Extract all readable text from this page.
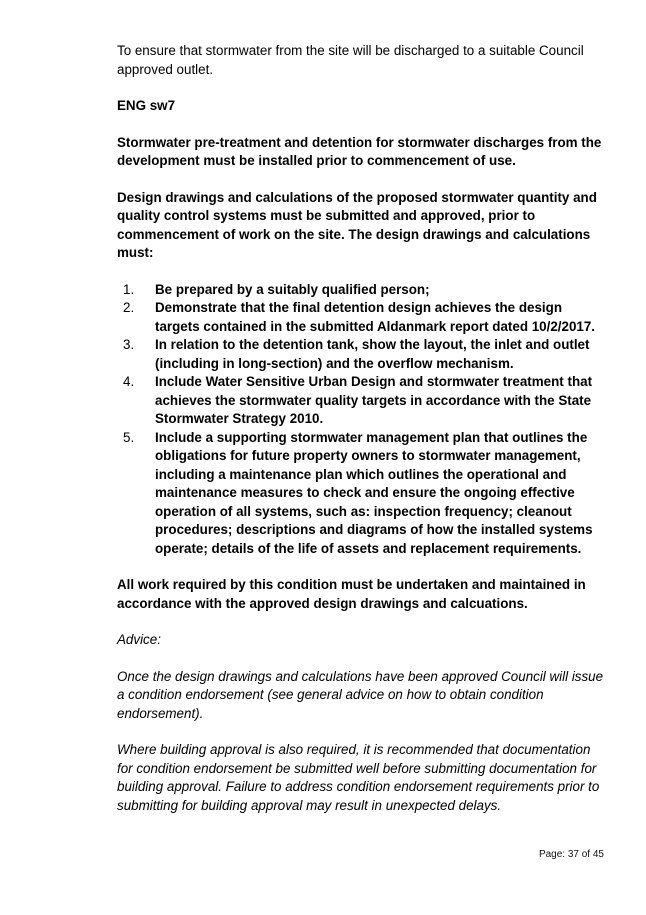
To ensure that stormwater from the site will be discharged to a suitable Council approved outlet.

ENG sw7

Stormwater pre-treatment and detention for stormwater discharges from the development must be installed prior to commencement of use.

Design drawings and calculations of the proposed stormwater quantity and quality control systems must be submitted and approved, prior to commencement of work on the site. The design drawings and calculations must:

1.	Be prepared by a suitably qualified person;
2.	Demonstrate that the final detention design achieves the design targets contained in the submitted Aldanmark report dated 10/2/2017.
3.	In relation to the detention tank, show the layout, the inlet and outlet (including in long-section) and the overflow mechanism.
4.	Include Water Sensitive Urban Design and stormwater treatment that achieves the stormwater quality targets in accordance with the State Stormwater Strategy 2010.
5.	Include a supporting stormwater management plan that outlines the obligations for future property owners to stormwater management, including a maintenance plan which outlines the operational and maintenance measures to check and ensure the ongoing effective operation of all systems, such as: inspection frequency; cleanout procedures; descriptions and diagrams of how the installed systems operate; details of the life of assets and replacement requirements.

All work required by this condition must be undertaken and maintained in accordance with the approved design drawings and calcuations.

Advice:

Once the design drawings and calculations have been approved Council will issue a condition endorsement (see general advice on how to obtain condition endorsement).

Where building approval is also required, it is recommended that documentation for condition endorsement be submitted well before submitting documentation for building approval. Failure to address condition endorsement requirements prior to submitting for building approval may result in unexpected delays.

Page: 37 of 45
